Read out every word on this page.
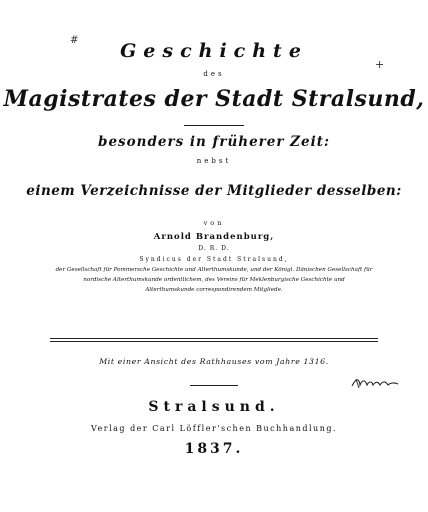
#
+
Geschichte
des
Magistrates der Stadt Stralsund,
besonders in früherer Zeit:
nebst
einem Verzeichnisse der Mitglieder desselben:
von
Arnold Brandenburg,
D. R. D.
Syndicus der Stadt Stralsund,
der Gesellschaft für Pommersche Geschichte und Alterthumskunde, und der Königl. Dänischen Gesellschaft für
nordische Alterthumskunde ordentlichem, des Vereins für Meklenburgische Geschichte und
Alterthumskunde correspondirendem Mitgliede.
Mit einer Ansicht des Rathhauses vom Jahre 1316.
Stralsund.
Verlag der Carl Löffler'schen Buchhandlung.
1837.
